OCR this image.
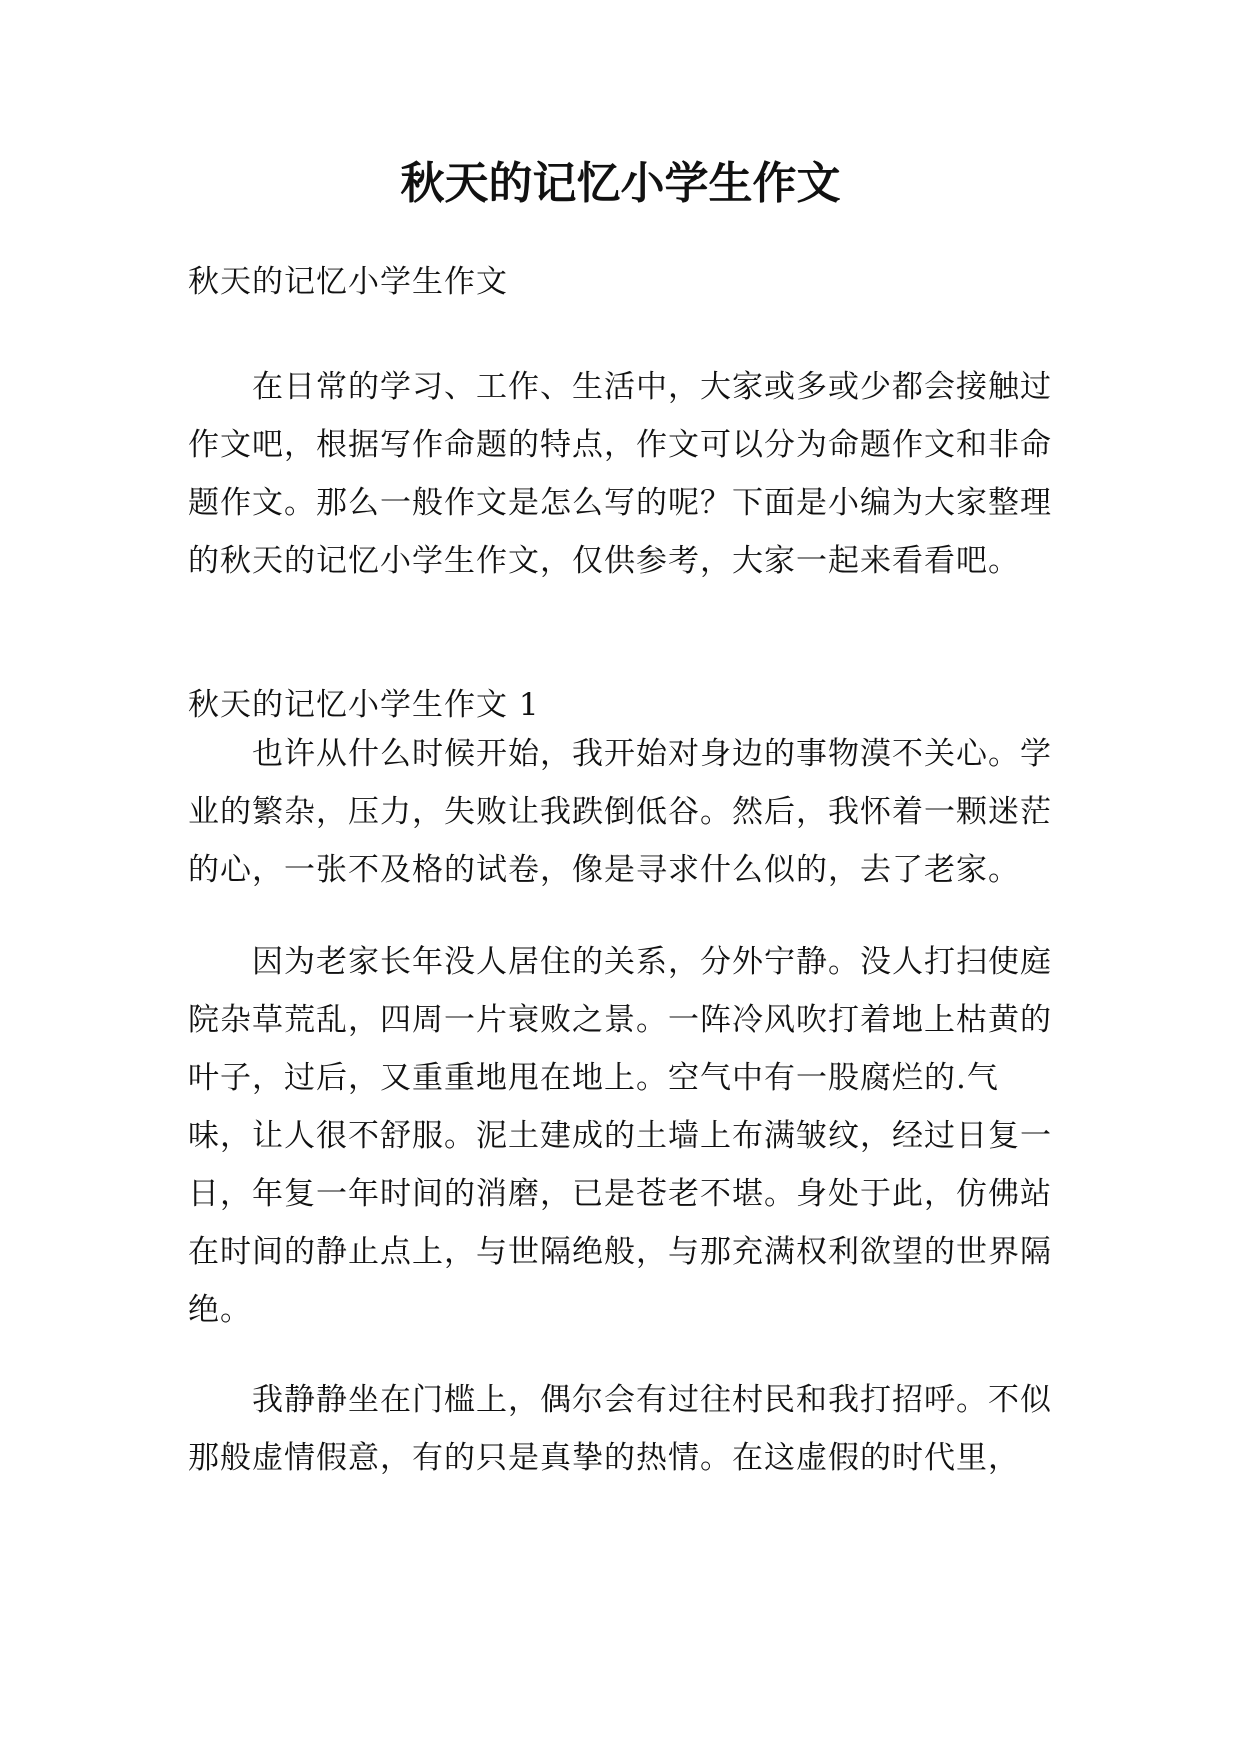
秋天的记忆小学生作文

秋天的记忆小学生作文

在日常的学习、工作、生活中，大家或多或少都会接触过作文吧，根据写作命题的特点，作文可以分为命题作文和非命题作文。那么一般作文是怎么写的呢？下面是小编为大家整理的秋天的记忆小学生作文，仅供参考，大家一起来看看吧。

秋天的记忆小学生作文 1

也许从什么时候开始，我开始对身边的事物漠不关心。学业的繁杂，压力，失败让我跌倒低谷。然后，我怀着一颗迷茫的心，一张不及格的试卷，像是寻求什么似的，去了老家。

因为老家长年没人居住的关系，分外宁静。没人打扫使庭院杂草荒乱，四周一片衰败之景。一阵冷风吹打着地上枯黄的叶子，过后，又重重地甩在地上。空气中有一股腐烂的.气味，让人很不舒服。泥土建成的土墙上布满皱纹，经过日复一日，年复一年时间的消磨，已是苍老不堪。身处于此，仿佛站在时间的静止点上，与世隔绝般，与那充满权利欲望的世界隔绝。

我静静坐在门槛上，偶尔会有过往村民和我打招呼。不似那般虚情假意，有的只是真挚的热情。在这虚假的时代里，
